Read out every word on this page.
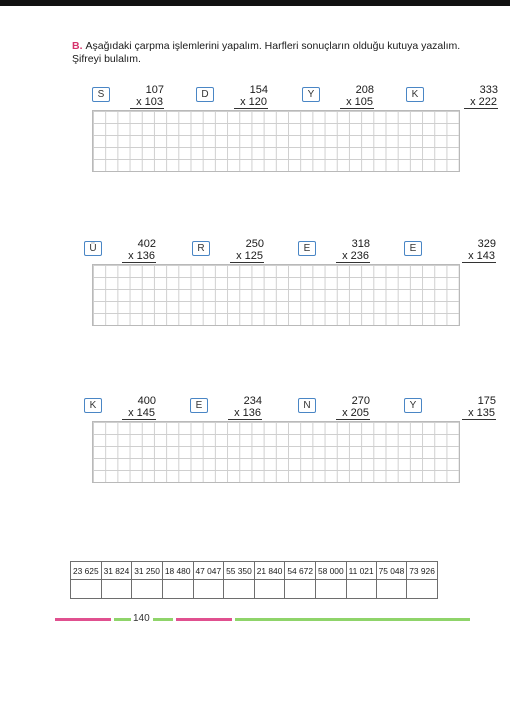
B. Aşağıdaki çarpma işlemlerini yapalım. Harfleri sonuçların olduğu kutuya yazalım. Şifreyi bulalım.
S	107
x 103
D	154
x 120
Y	208
x 105
K	333
x 222
Ü	402
x 136
R	250
x 125
E	318
x 236
E	329
x 143
K	400
x 145
E	234
x 136
N	270
x 205
Y	175
x 135
23 625	31 824	31 250	18 480	47 047	55 350	21 840	54 672	58 000	11 021	75 048	73 926

140
